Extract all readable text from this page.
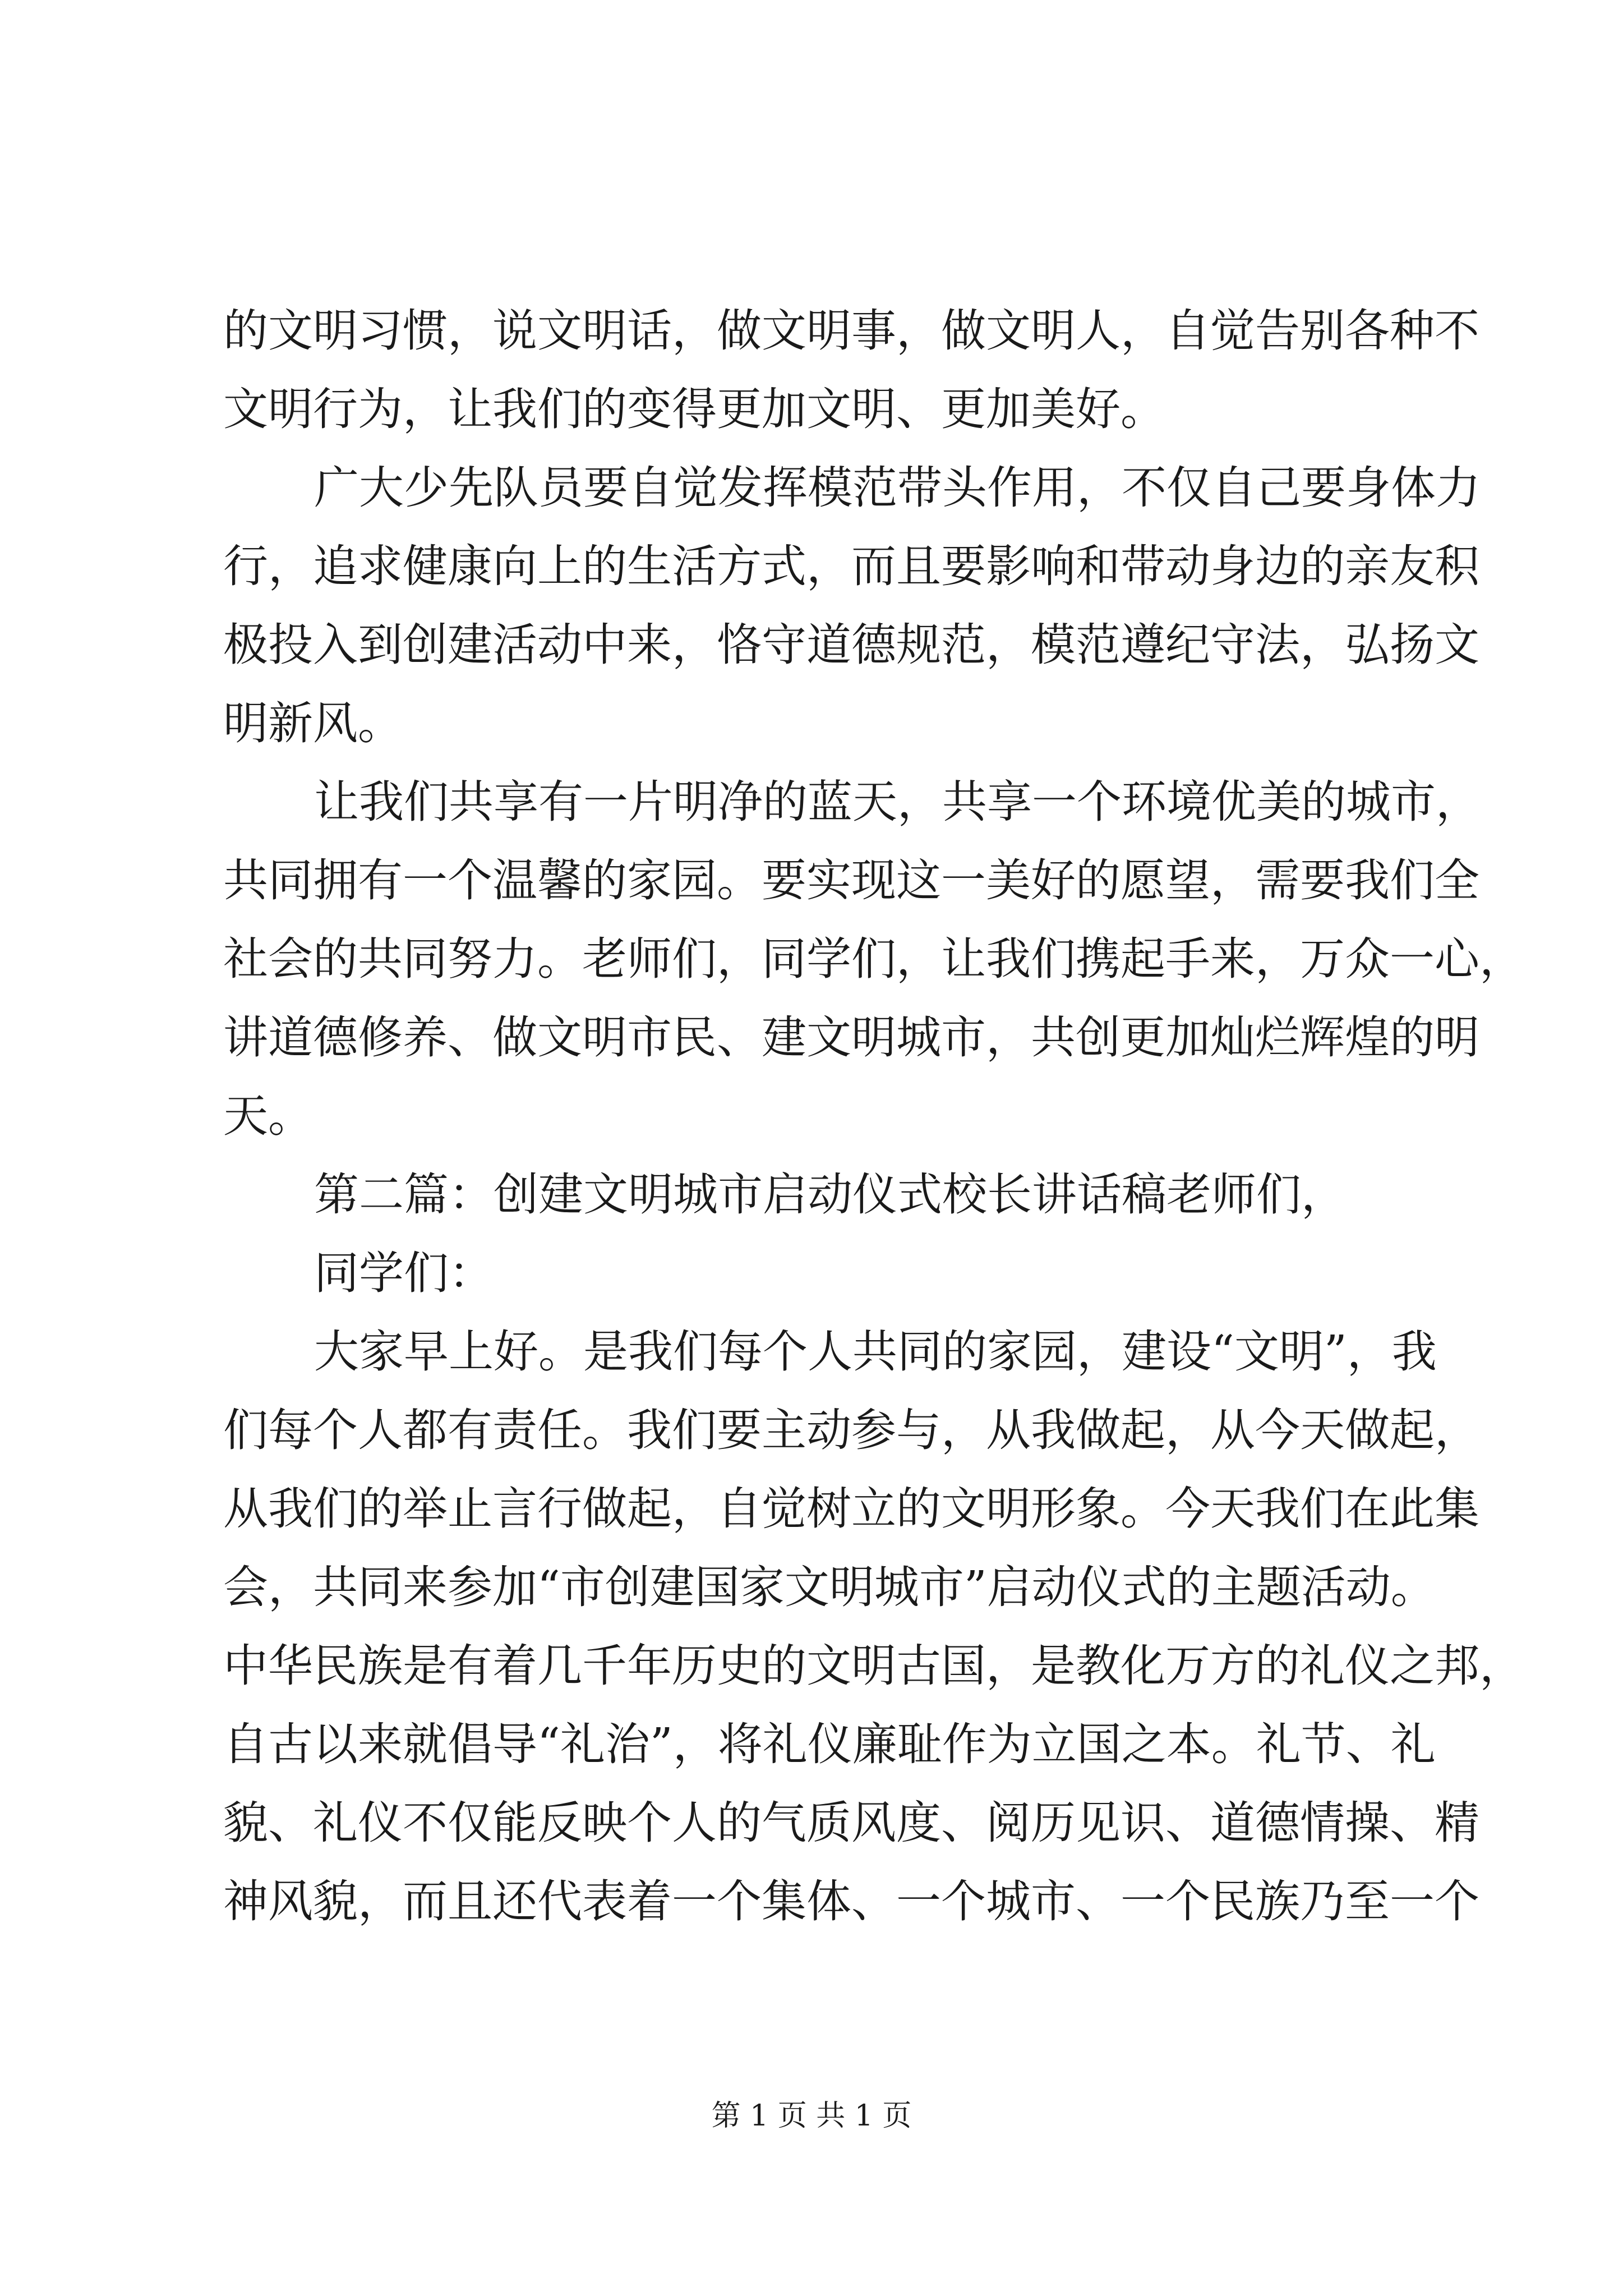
的文明习惯，说文明话，做文明事，做文明人，自觉告别各种不
文明行为，让我们的变得更加文明、更加美好。
广大少先队员要自觉发挥模范带头作用，不仅自己要身体力
行，追求健康向上的生活方式，而且要影响和带动身边的亲友积
极投入到创建活动中来，恪守道德规范，模范遵纪守法，弘扬文
明新风。
让我们共享有一片明净的蓝天，共享一个环境优美的城市，
共同拥有一个温馨的家园。要实现这一美好的愿望，需要我们全
社会的共同努力。老师们，同学们，让我们携起手来，万众一心，
讲道德修养、做文明市民、建文明城市，共创更加灿烂辉煌的明
天。
第二篇：创建文明城市启动仪式校长讲话稿老师们，
同学们：
大家早上好。是我们每个人共同的家园，建设“文明”，我
们每个人都有责任。我们要主动参与，从我做起，从今天做起，
从我们的举止言行做起，自觉树立的文明形象。今天我们在此集
会，共同来参加“市创建国家文明城市”启动仪式的主题活动。
中华民族是有着几千年历史的文明古国，是教化万方的礼仪之邦，
自古以来就倡导“礼治”，将礼仪廉耻作为立国之本。礼节、礼
貌、礼仪不仅能反映个人的气质风度、阅历见识、道德情操、精
神风貌，而且还代表着一个集体、一个城市、一个民族乃至一个
第 1 页 共 1 页
